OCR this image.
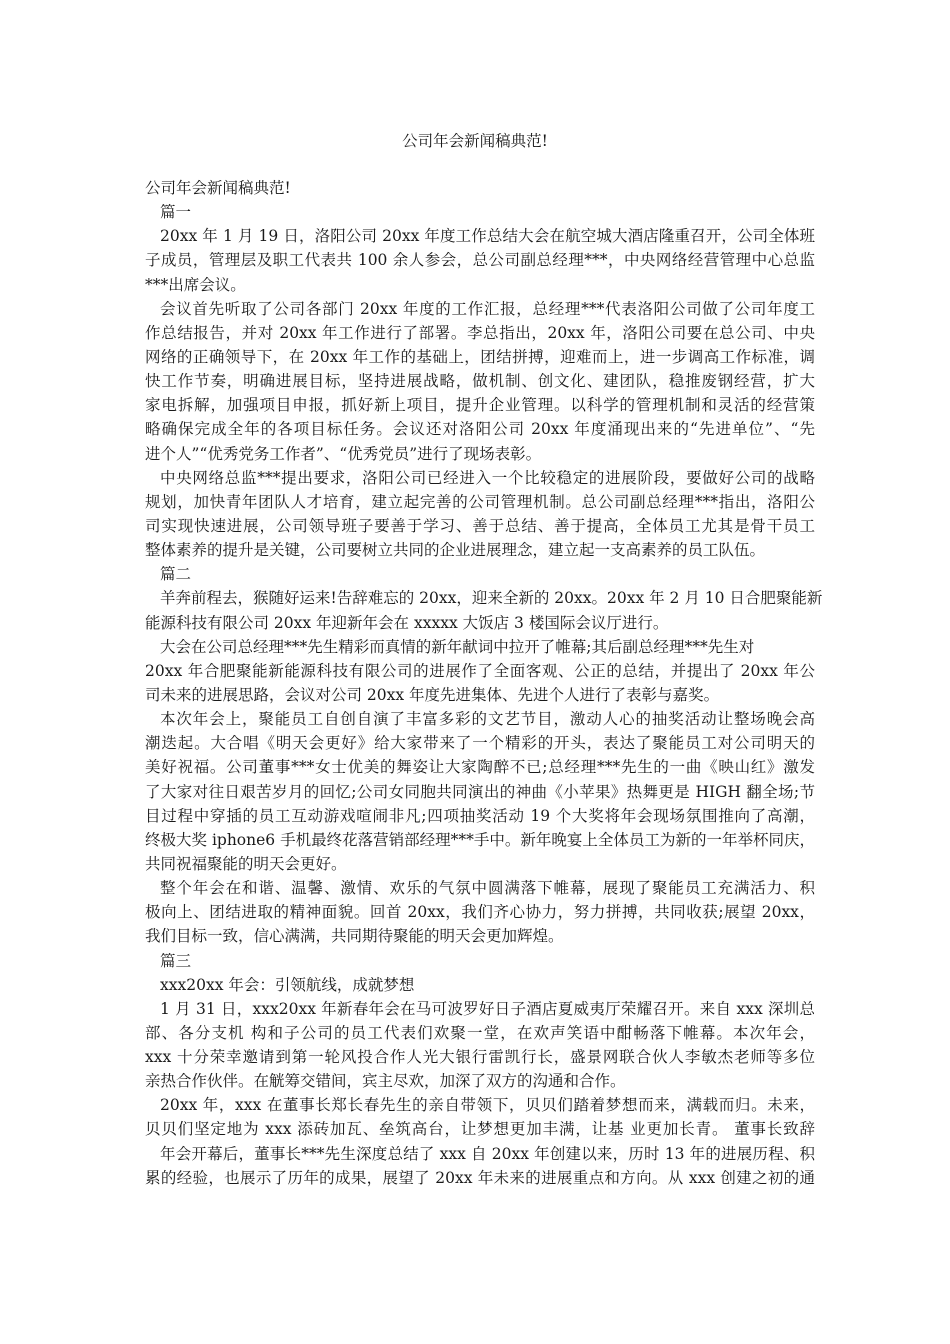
公司年会新闻稿典范!
公司年会新闻稿典范!
篇一
20xx 年 1 月 19 日，洛阳公司 20xx 年度工作总结大会在航空城大酒店隆重召开，公司全体班
子成员，管理层及职工代表共 100 余人参会，总公司副总经理***，中央网络经营管理中心总监
***出席会议。
会议首先听取了公司各部门 20xx 年度的工作汇报，总经理***代表洛阳公司做了公司年度工
作总结报告，并对 20xx 年工作进行了部署。李总指出，20xx 年，洛阳公司要在总公司、中央
网络的正确领导下，在 20xx 年工作的基础上，团结拼搏，迎难而上，进一步调高工作标准，调
快工作节奏，明确进展目标，坚持进展战略，做机制、创文化、建团队，稳推废钢经营，扩大
家电拆解，加强项目申报，抓好新上项目，提升企业管理。以科学的管理机制和灵活的经营策
略确保完成全年的各项目标任务。会议还对洛阳公司 20xx 年度涌现出来的“先进单位”、“先
进个人”“优秀党务工作者”、“优秀党员”进行了现场表彰。
中央网络总监***提出要求，洛阳公司已经进入一个比较稳定的进展阶段，要做好公司的战略
规划，加快青年团队人才培育，建立起完善的公司管理机制。总公司副总经理***指出，洛阳公
司实现快速进展，公司领导班子要善于学习、善于总结、善于提高，全体员工尤其是骨干员工
整体素养的提升是关键，公司要树立共同的企业进展理念，建立起一支高素养的员工队伍。
篇二
羊奔前程去，猴随好运来!告辞难忘的 20xx，迎来全新的 20xx。20xx 年 2 月 10 日合肥聚能新
能源科技有限公司 20xx 年迎新年会在 xxxxx 大饭店 3 楼国际会议厅进行。
大会在公司总经理***先生精彩而真情的新年献词中拉开了帷幕;其后副总经理***先生对
20xx 年合肥聚能新能源科技有限公司的进展作了全面客观、公正的总结，并提出了 20xx 年公
司未来的进展思路，会议对公司 20xx 年度先进集体、先进个人进行了表彰与嘉奖。
本次年会上，聚能员工自创自演了丰富多彩的文艺节目，激动人心的抽奖活动让整场晚会高
潮迭起。大合唱《明天会更好》给大家带来了一个精彩的开头，表达了聚能员工对公司明天的
美好祝福。公司董事***女士优美的舞姿让大家陶醉不已;总经理***先生的一曲《映山红》激发
了大家对往日艰苦岁月的回忆;公司女同胞共同演出的神曲《小苹果》热舞更是 HIGH 翻全场;节
目过程中穿插的员工互动游戏喧闹非凡;四项抽奖活动 19 个大奖将年会现场氛围推向了高潮，
终极大奖 iphone6 手机最终花落营销部经理***手中。新年晚宴上全体员工为新的一年举杯同庆，
共同祝福聚能的明天会更好。
整个年会在和谐、温馨、激情、欢乐的气氛中圆满落下帷幕，展现了聚能员工充满活力、积
极向上、团结进取的精神面貌。回首 20xx，我们齐心协力，努力拼搏，共同收获;展望 20xx，
我们目标一致，信心满满，共同期待聚能的明天会更加辉煌。
篇三
xxx20xx 年会：引领航线，成就梦想
1 月 31 日，xxx20xx 年新春年会在马可波罗好日子酒店夏威夷厅荣耀召开。来自 xxx 深圳总
部、各分支机 构和子公司的员工代表们欢聚一堂，在欢声笑语中酣畅落下帷幕。本次年会，
xxx 十分荣幸邀请到第一轮风投合作人光大银行雷凯行长，盛景网联合伙人李敏杰老师等多位
亲热合作伙伴。在觥筹交错间，宾主尽欢，加深了双方的沟通和合作。
20xx 年，xxx 在董事长郑长春先生的亲自带领下，贝贝们踏着梦想而来，满载而归。未来，
贝贝们坚定地为 xxx 添砖加瓦、垒筑高台，让梦想更加丰满，让基 业更加长青。 董事长致辞
年会开幕后，董事长***先生深度总结了 xxx 自 20xx 年创建以来，历时 13 年的进展历程、积
累的经验，也展示了历年的成果，展望了 20xx 年未来的进展重点和方向。从 xxx 创建之初的通
